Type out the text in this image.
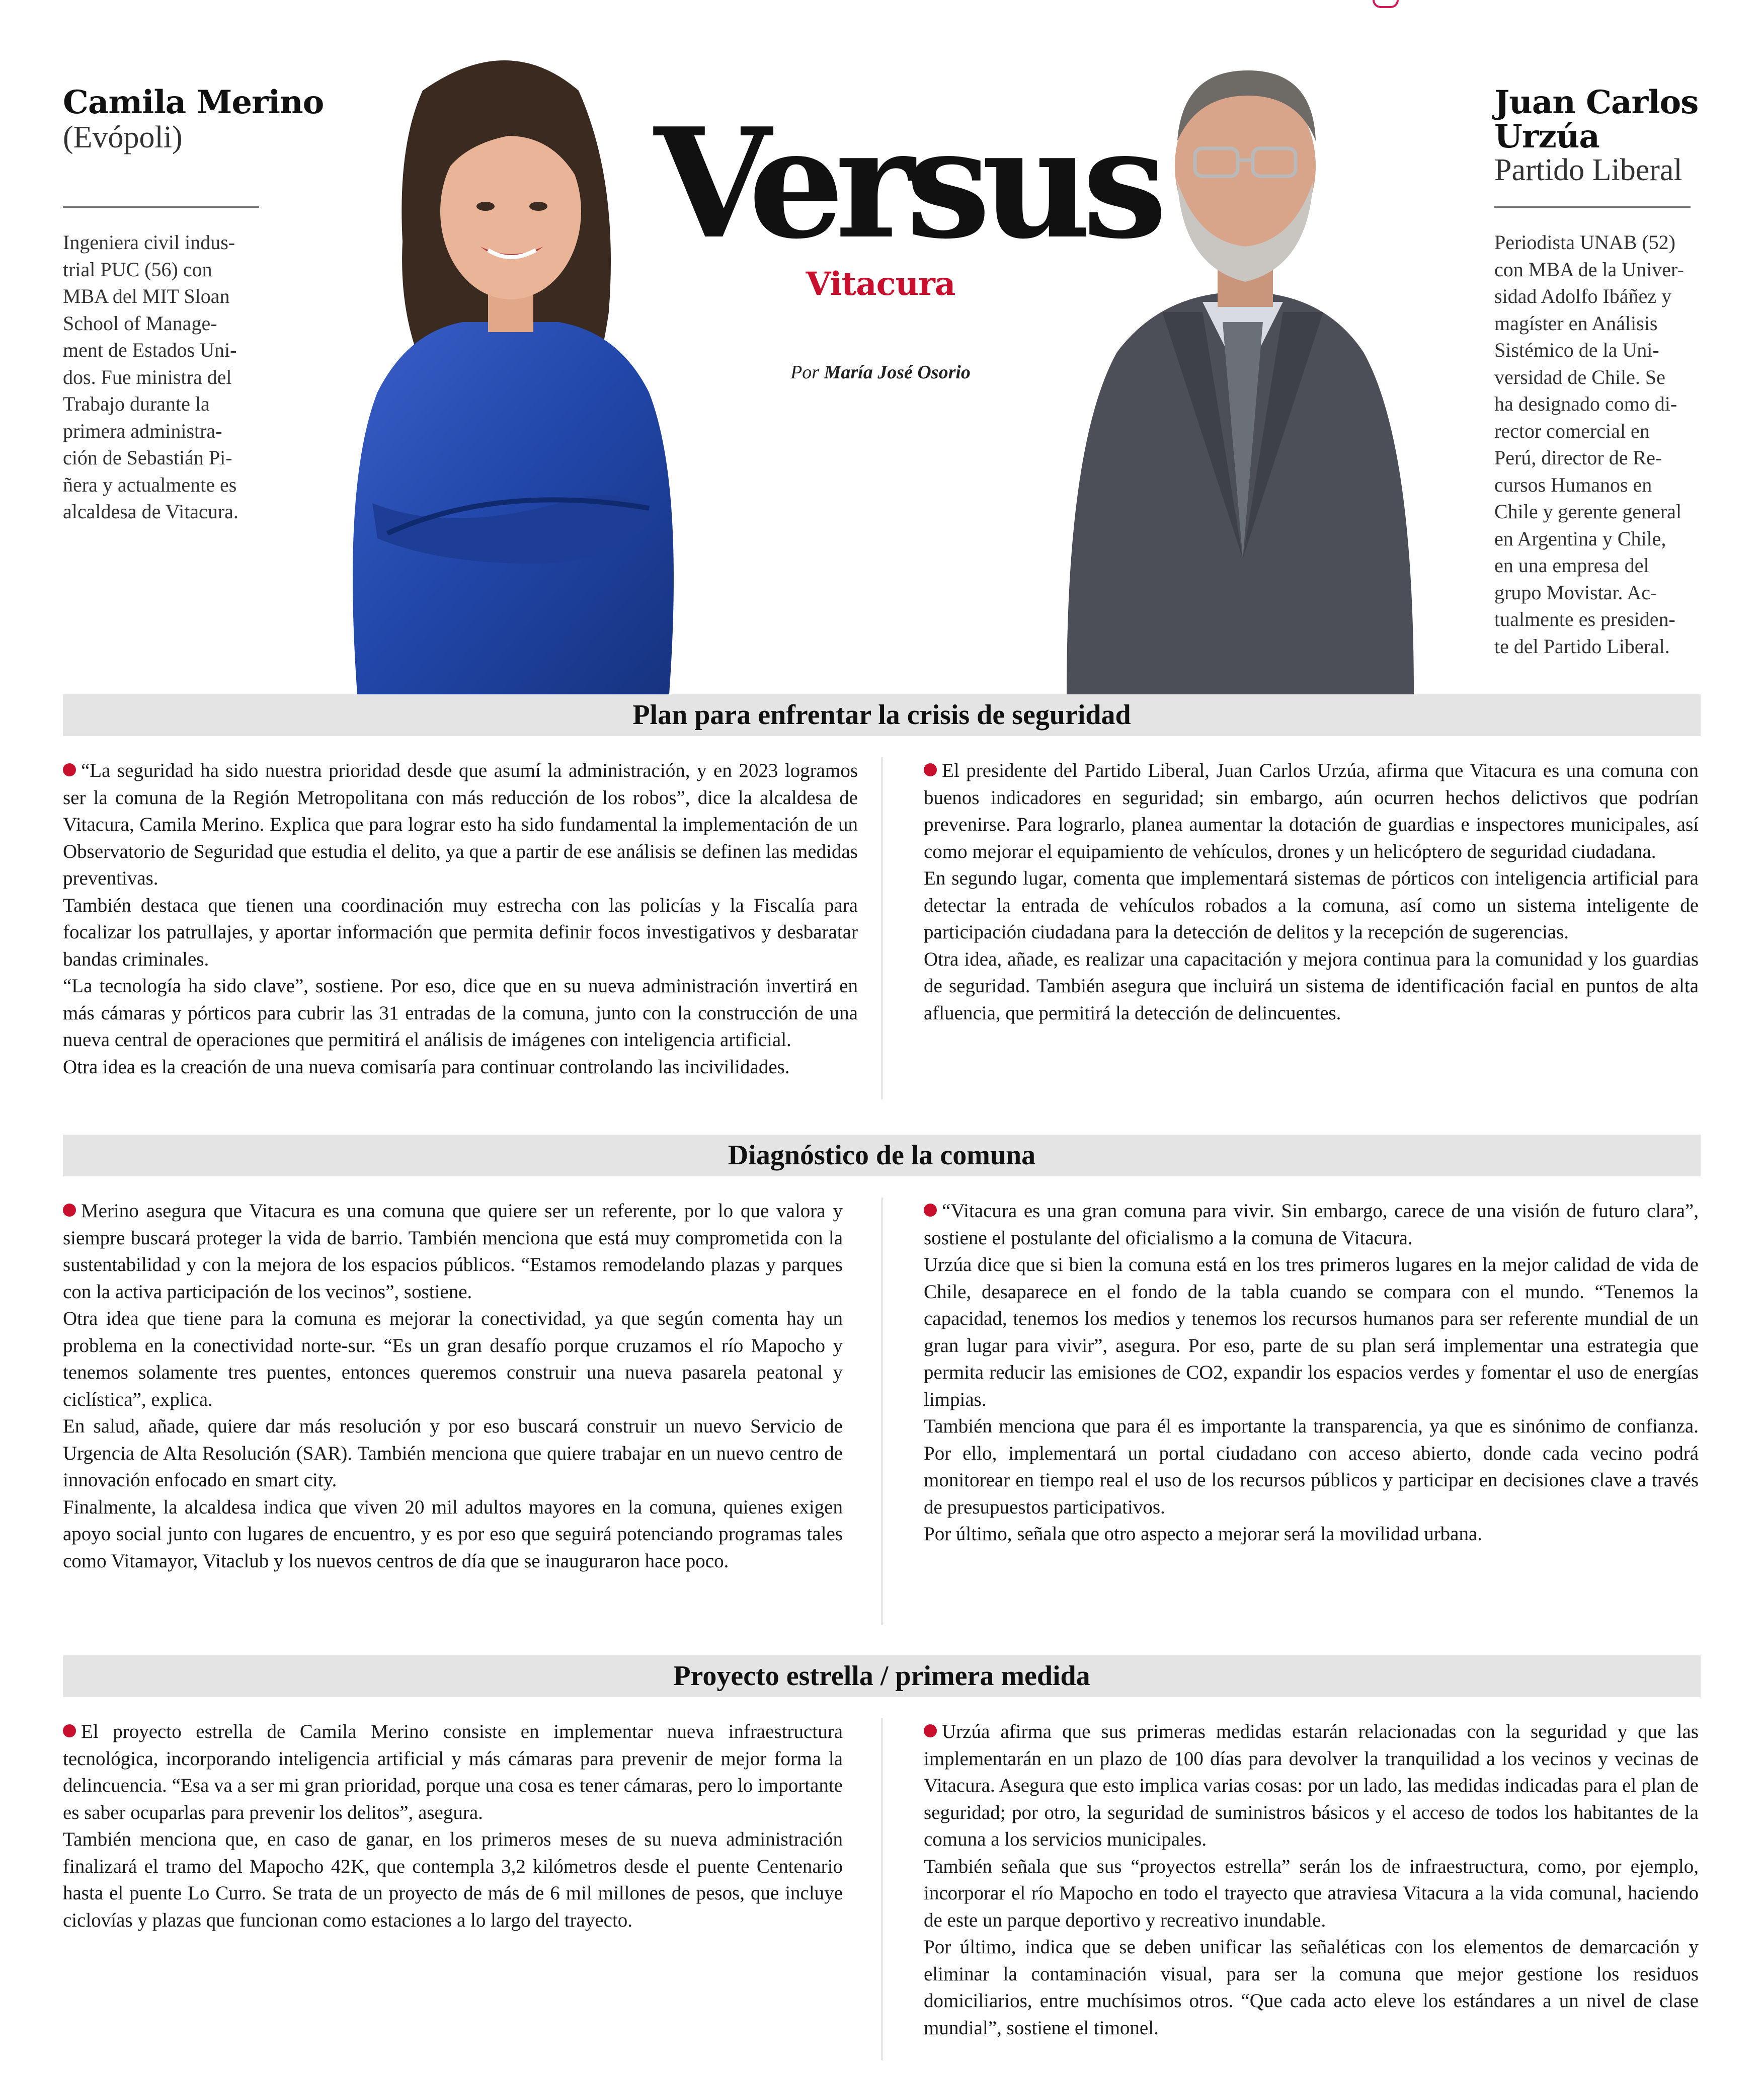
Camila Merino
(Evópoli)
Ingeniera civil indus-
trial PUC (56) con
MBA del MIT Sloan
School of Manage-
ment de Estados Uni-
dos. Fue ministra del
Trabajo durante la
primera administra-
ción de Sebastián Pi-
ñera y actualmente es
alcaldesa de Vitacura.
Versus
Vitacura
Por María José Osorio
Juan Carlos
Urzúa
Partido Liberal
Periodista UNAB (52)
con MBA de la Univer-
sidad Adolfo Ibáñez y
magíster en Análisis
Sistémico de la Uni-
versidad de Chile. Se
ha designado como di-
rector comercial en
Perú, director de Re-
cursos Humanos en
Chile y gerente general
en Argentina y Chile,
en una empresa del
grupo Movistar. Ac-
tualmente es presiden-
te del Partido Liberal.
Plan para enfrentar la crisis de seguridad

“La seguridad ha sido nuestra prioridad desde que asumí la administración, y en 2023 logramos ser la comuna de la Región Metropolitana con más reducción de los robos”, dice la alcaldesa de Vitacura, Camila Merino. Explica que para lograr esto ha sido fundamental la implementación de un Observatorio de Seguridad que estudia el delito, ya que a partir de ese análisis se definen las medidas preventivas.

También destaca que tienen una coordinación muy estrecha con las policías y la Fiscalía para focalizar los patrullajes, y aportar información que permita definir focos investigativos y desbaratar bandas criminales.

“La tecnología ha sido clave”, sostiene. Por eso, dice que en su nueva administración invertirá en más cámaras y pórticos para cubrir las 31 entradas de la comuna, junto con la construcción de una nueva central de operaciones que permitirá el análisis de imágenes con inteligencia artificial.

Otra idea es la creación de una nueva comisaría para continuar controlando las incivilidades.

El presidente del Partido Liberal, Juan Carlos Urzúa, afirma que Vitacura es una comuna con buenos indicadores en seguridad; sin embargo, aún ocurren hechos delictivos que podrían prevenirse. Para lograrlo, planea aumentar la dotación de guardias e inspectores municipales, así como mejorar el equipamiento de vehículos, drones y un helicóptero de seguridad ciudadana.

En segundo lugar, comenta que implementará sistemas de pórticos con inteligencia artificial para detectar la entrada de vehículos robados a la comuna, así como un sistema inteligente de participación ciudadana para la detección de delitos y la recepción de sugerencias.

Otra idea, añade, es realizar una capacitación y mejora continua para la comunidad y los guardias de seguridad. También asegura que incluirá un sistema de identificación facial en puntos de alta afluencia, que permitirá la detección de delincuentes.

Diagnóstico de la comuna

Merino asegura que Vitacura es una comuna que quiere ser un referente, por lo que valora y siempre buscará proteger la vida de barrio. También menciona que está muy comprometida con la sustentabilidad y con la mejora de los espacios públicos. “Estamos remodelando plazas y parques con la activa participación de los vecinos”, sostiene.

Otra idea que tiene para la comuna es mejorar la conectividad, ya que según comenta hay un problema en la conectividad norte-sur. “Es un gran desafío porque cruzamos el río Mapocho y tenemos solamente tres puentes, entonces queremos construir una nueva pasarela peatonal y ciclística”, explica.

En salud, añade, quiere dar más resolución y por eso buscará construir un nuevo Servicio de Urgencia de Alta Resolución (SAR). También menciona que quiere trabajar en un nuevo centro de innovación enfocado en smart city.

Finalmente, la alcaldesa indica que viven 20 mil adultos mayores en la comuna, quienes exigen apoyo social junto con lugares de encuentro, y es por eso que seguirá potenciando programas tales como Vitamayor, Vitaclub y los nuevos centros de día que se inauguraron hace poco.

“Vitacura es una gran comuna para vivir. Sin embargo, carece de una visión de futuro clara”, sostiene el postulante del oficialismo a la comuna de Vitacura.

Urzúa dice que si bien la comuna está en los tres primeros lugares en la mejor calidad de vida de Chile, desaparece en el fondo de la tabla cuando se compara con el mundo. “Tenemos la capacidad, tenemos los medios y tenemos los recursos humanos para ser referente mundial de un gran lugar para vivir”, asegura. Por eso, parte de su plan será implementar una estrategia que permita reducir las emisiones de CO2, expandir los espacios verdes y fomentar el uso de energías limpias.

También menciona que para él es importante la transparencia, ya que es sinónimo de confianza. Por ello, implementará un portal ciudadano con acceso abierto, donde cada vecino podrá monitorear en tiempo real el uso de los recursos públicos y participar en decisiones clave a través de presupuestos participativos.

Por último, señala que otro aspecto a mejorar será la movilidad urbana.

Proyecto estrella / primera medida

El proyecto estrella de Camila Merino consiste en implementar nueva infraestructura tecnológica, incorporando inteligencia artificial y más cámaras para prevenir de mejor forma la delincuencia. “Esa va a ser mi gran prioridad, porque una cosa es tener cámaras, pero lo importante es saber ocuparlas para prevenir los delitos”, asegura.

También menciona que, en caso de ganar, en los primeros meses de su nueva administración finalizará el tramo del Mapocho 42K, que contempla 3,2 kilómetros desde el puente Centenario hasta el puente Lo Curro. Se trata de un proyecto de más de 6 mil millones de pesos, que incluye ciclovías y plazas que funcionan como estaciones a lo largo del trayecto.

Urzúa afirma que sus primeras medidas estarán relacionadas con la seguridad y que las implementarán en un plazo de 100 días para devolver la tranquilidad a los vecinos y vecinas de Vitacura. Asegura que esto implica varias cosas: por un lado, las medidas indicadas para el plan de seguridad; por otro, la seguridad de suministros básicos y el acceso de todos los habitantes de la comuna a los servicios municipales.

También señala que sus “proyectos estrella” serán los de infraestructura, como, por ejemplo, incorporar el río Mapocho en todo el trayecto que atraviesa Vitacura a la vida comunal, haciendo de este un parque deportivo y recreativo inundable.

Por último, indica que se deben unificar las señaléticas con los elementos de demarcación y eliminar la contaminación visual, para ser la comuna que mejor gestione los residuos domiciliarios, entre muchísimos otros. “Que cada acto eleve los estándares a un nivel de clase mundial”, sostiene el timonel.
